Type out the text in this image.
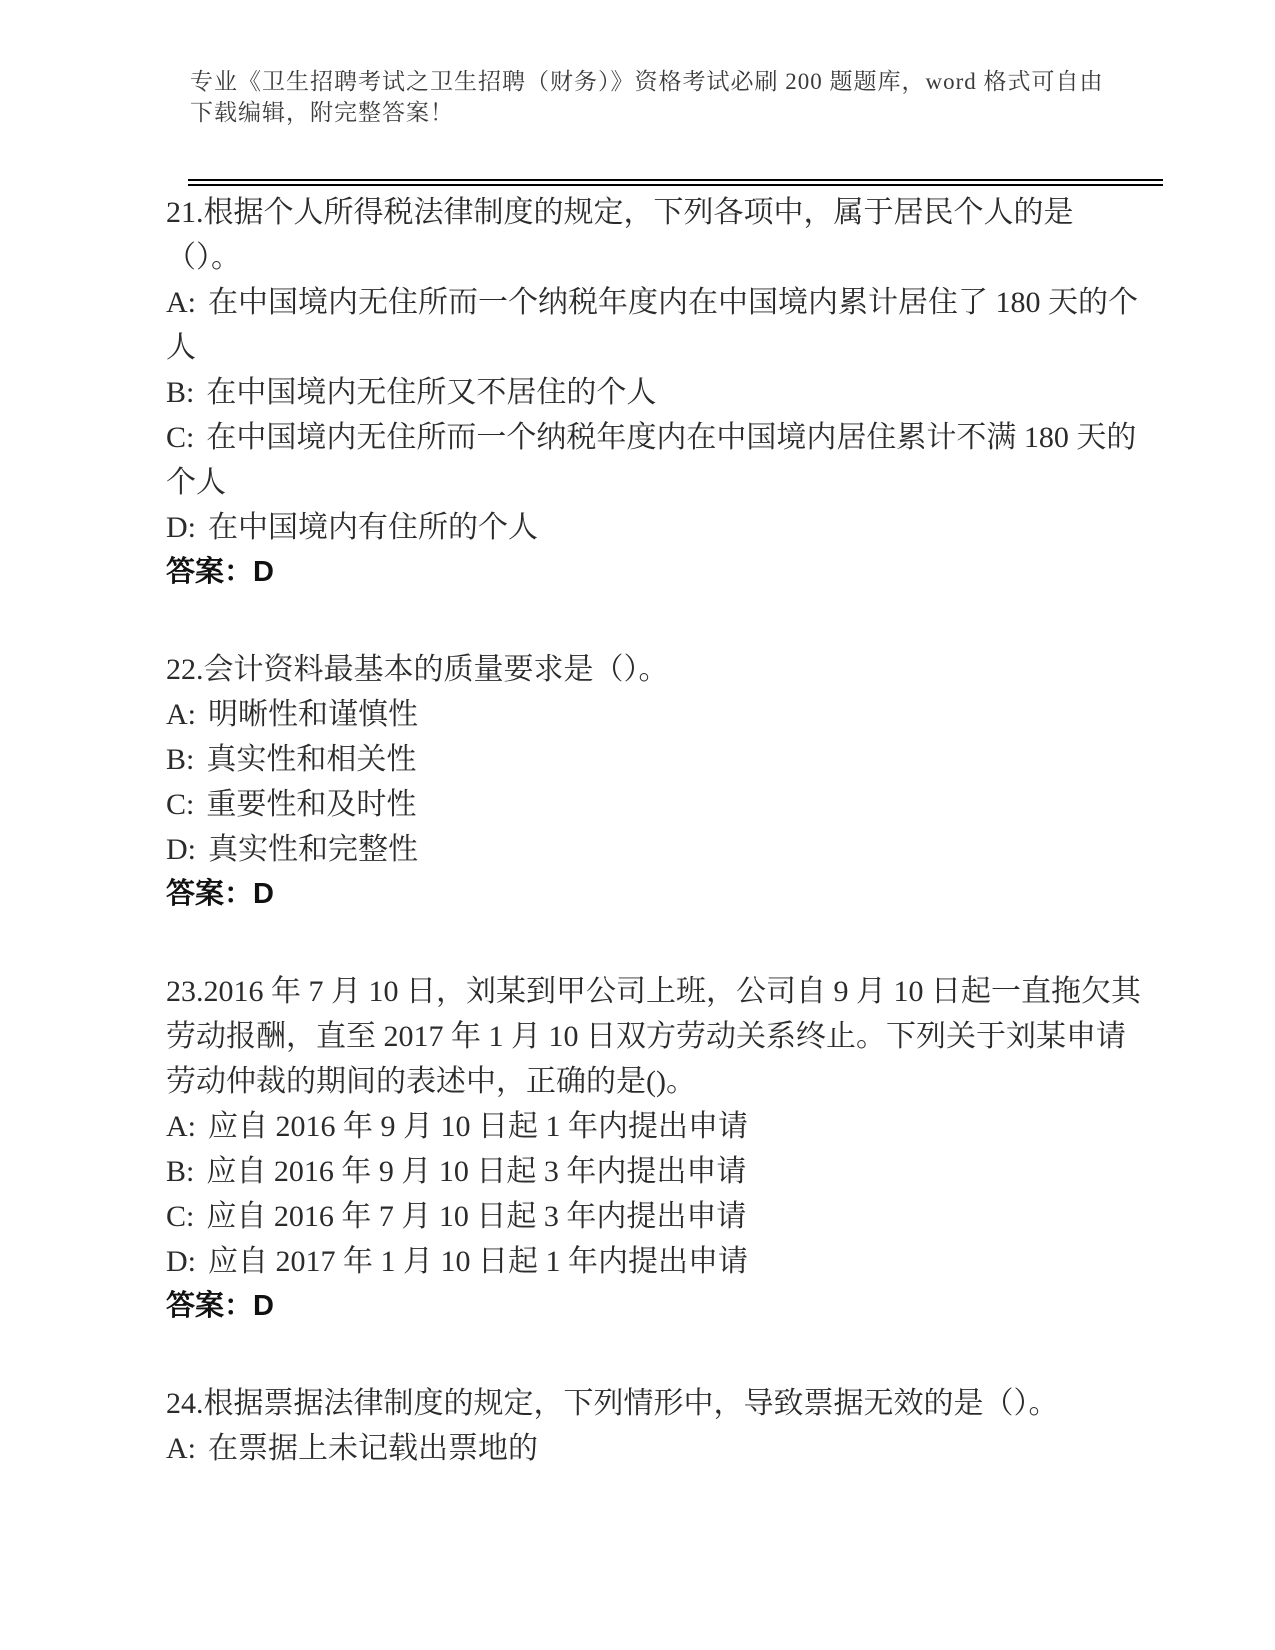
专业《卫生招聘考试之卫生招聘（财务）》资格考试必刷 200 题题库，word 格式可自由下载编辑，附完整答案！

21.根据个人所得税法律制度的规定，下列各项中，属于居民个人的是（）。

A: 在中国境内无住所而一个纳税年度内在中国境内累计居住了 180 天的个人

B: 在中国境内无住所又不居住的个人

C: 在中国境内无住所而一个纳税年度内在中国境内居住累计不满 180 天的个人

D: 在中国境内有住所的个人

答案：D

22.会计资料最基本的质量要求是（）。

A: 明晰性和谨慎性

B: 真实性和相关性

C: 重要性和及时性

D: 真实性和完整性

答案：D

23.2016 年 7 月 10 日，刘某到甲公司上班，公司自 9 月 10 日起一直拖欠其劳动报酬，直至 2017 年 1 月 10 日双方劳动关系终止。下列关于刘某申请劳动仲裁的期间的表述中，正确的是()。

A: 应自 2016 年 9 月 10 日起 1 年内提出申请

B: 应自 2016 年 9 月 10 日起 3 年内提出申请

C: 应自 2016 年 7 月 10 日起 3 年内提出申请

D: 应自 2017 年 1 月 10 日起 1 年内提出申请

答案：D

24.根据票据法律制度的规定，下列情形中，导致票据无效的是（）。

A: 在票据上未记载出票地的
